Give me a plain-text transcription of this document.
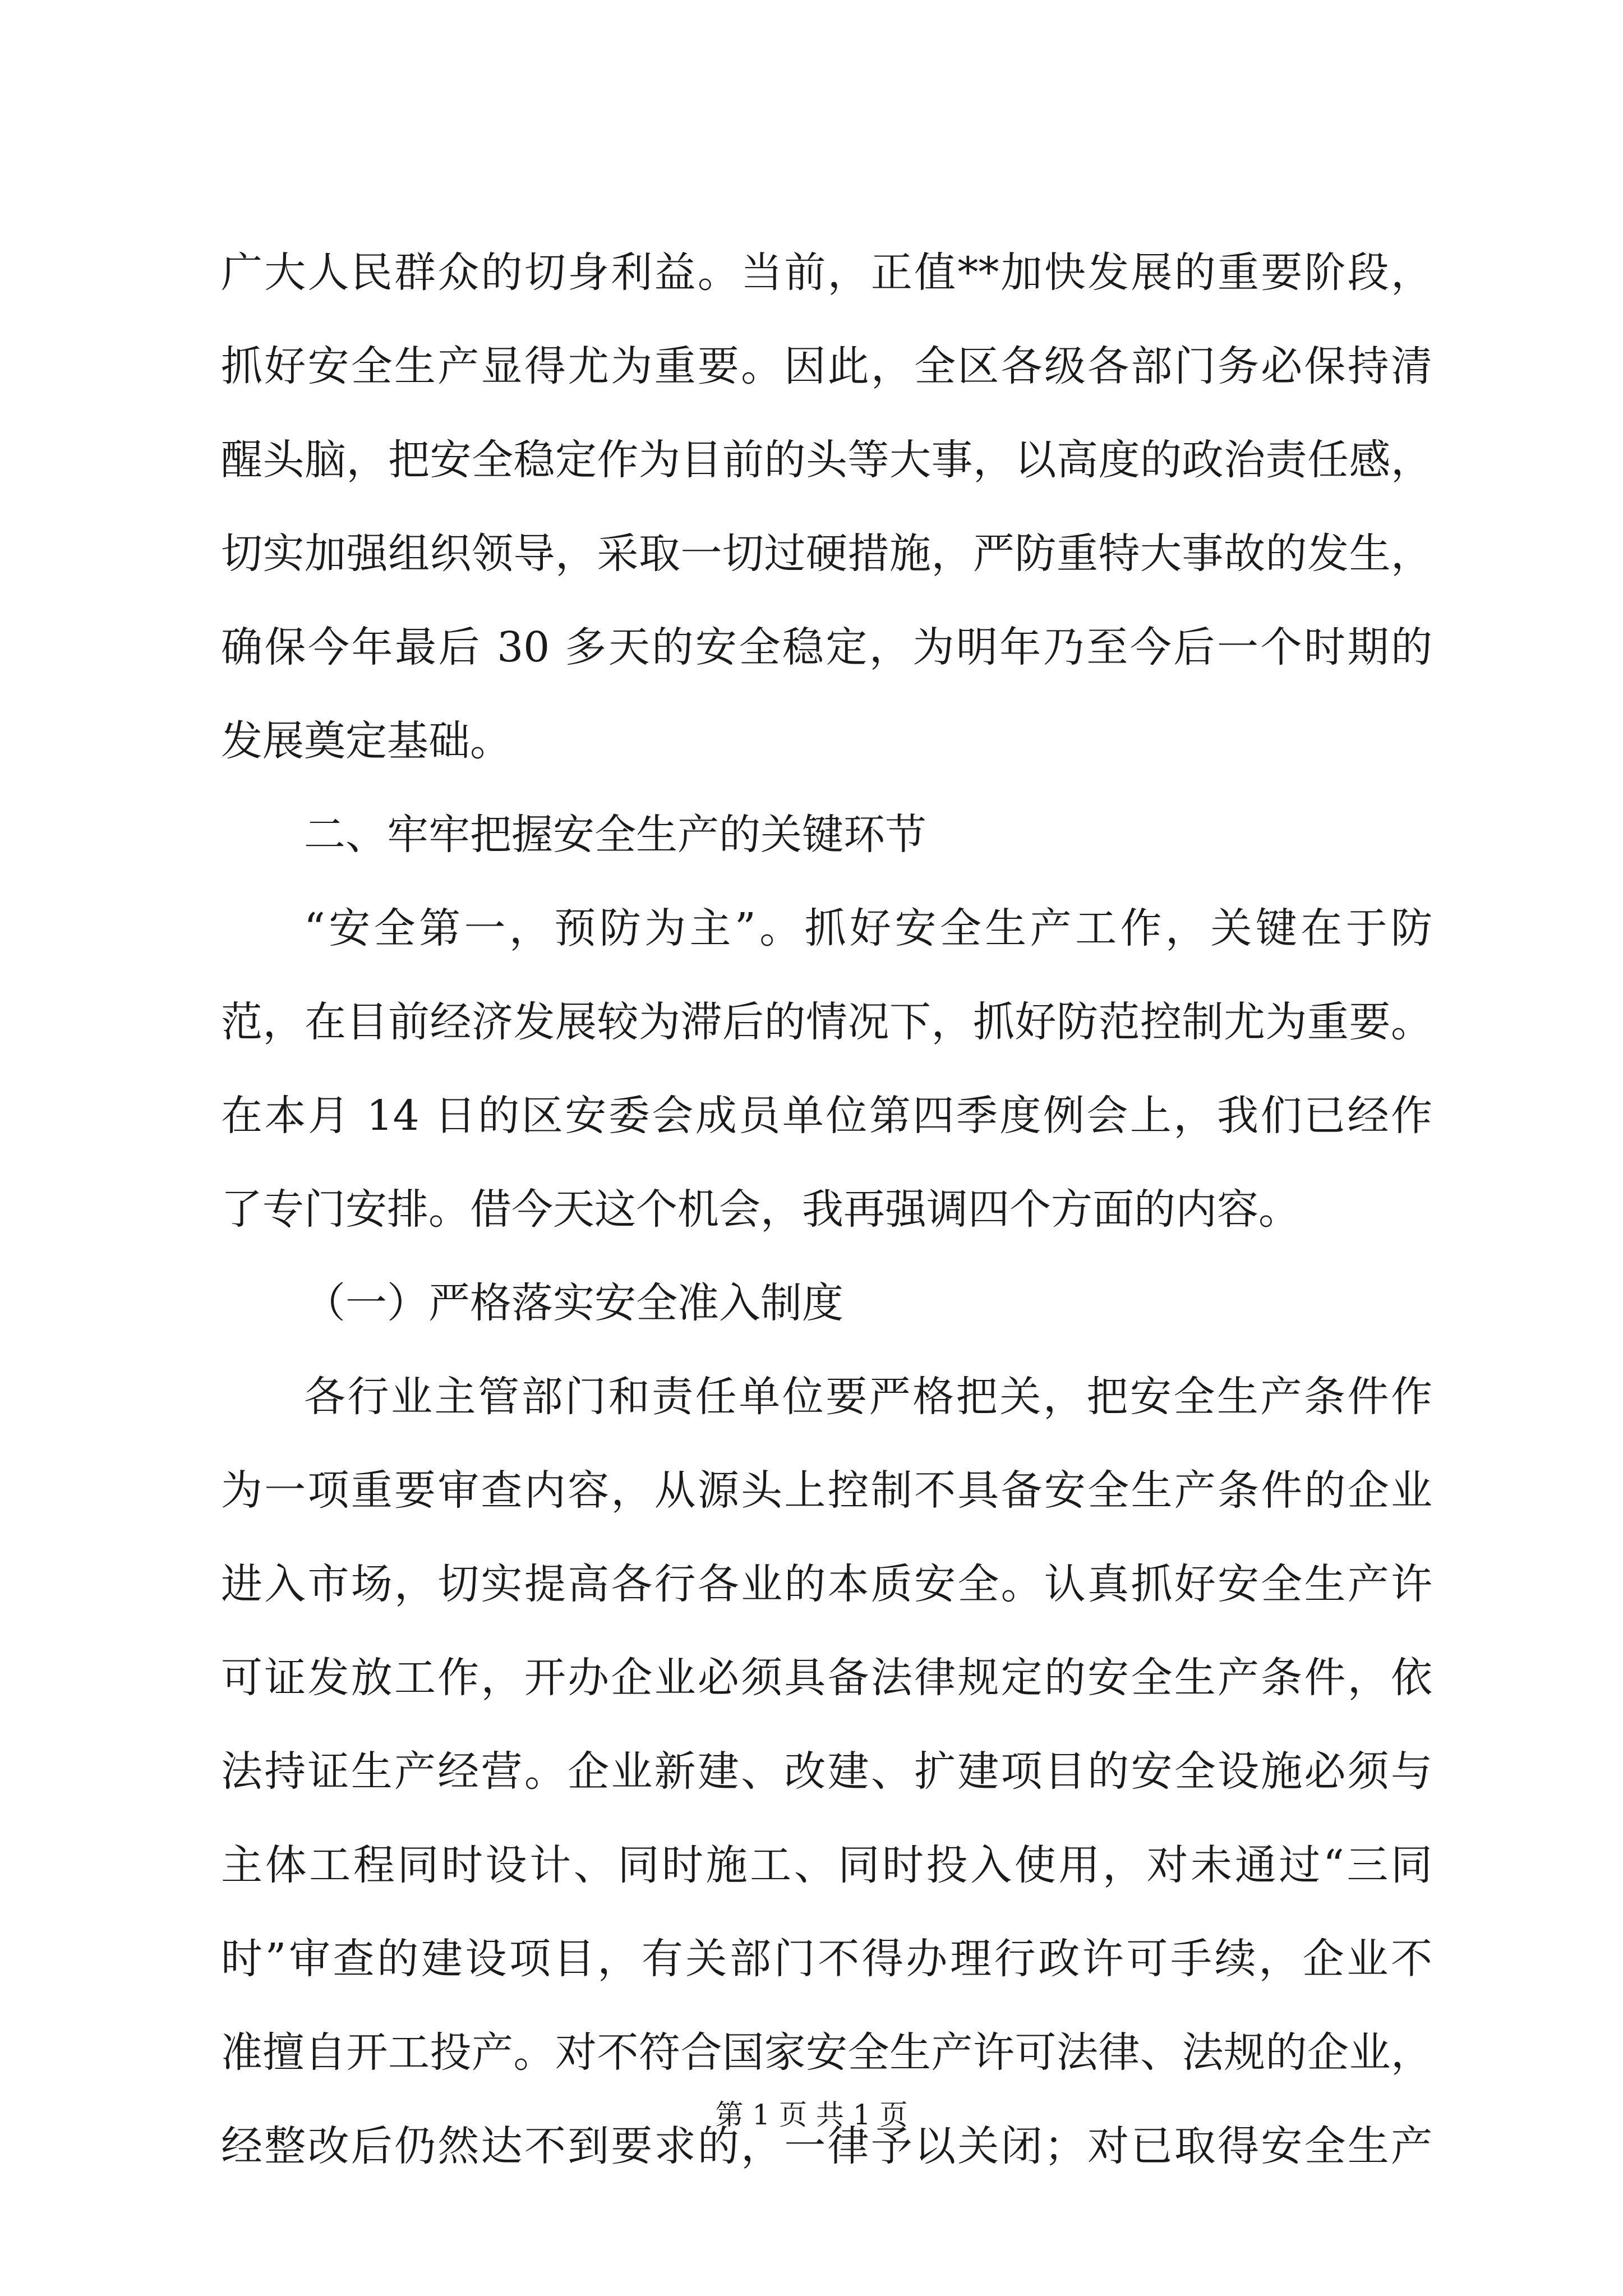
广大人民群众的切身利益。当前，正值**加快发展的重要阶段，
抓好安全生产显得尤为重要。因此，全区各级各部门务必保持清
醒头脑，把安全稳定作为目前的头等大事，以高度的政治责任感，
切实加强组织领导，采取一切过硬措施，严防重特大事故的发生，
确保今年最后 30 多天的安全稳定，为明年乃至今后一个时期的
发展奠定基础。
二、牢牢把握安全生产的关键环节
“安全第一，预防为主”。抓好安全生产工作，关键在于防
范，在目前经济发展较为滞后的情况下，抓好防范控制尤为重要。
在本月 14 日的区安委会成员单位第四季度例会上，我们已经作
了专门安排。借今天这个机会，我再强调四个方面的内容。
（一）严格落实安全准入制度
各行业主管部门和责任单位要严格把关，把安全生产条件作
为一项重要审查内容，从源头上控制不具备安全生产条件的企业
进入市场，切实提高各行各业的本质安全。认真抓好安全生产许
可证发放工作，开办企业必须具备法律规定的安全生产条件，依
法持证生产经营。企业新建、改建、扩建项目的安全设施必须与
主体工程同时设计、同时施工、同时投入使用，对未通过“三同
时”审查的建设项目，有关部门不得办理行政许可手续，企业不
准擅自开工投产。对不符合国家安全生产许可法律、法规的企业，
经整改后仍然达不到要求的，一律予以关闭；对已取得安全生产
第 1 页 共 1 页
